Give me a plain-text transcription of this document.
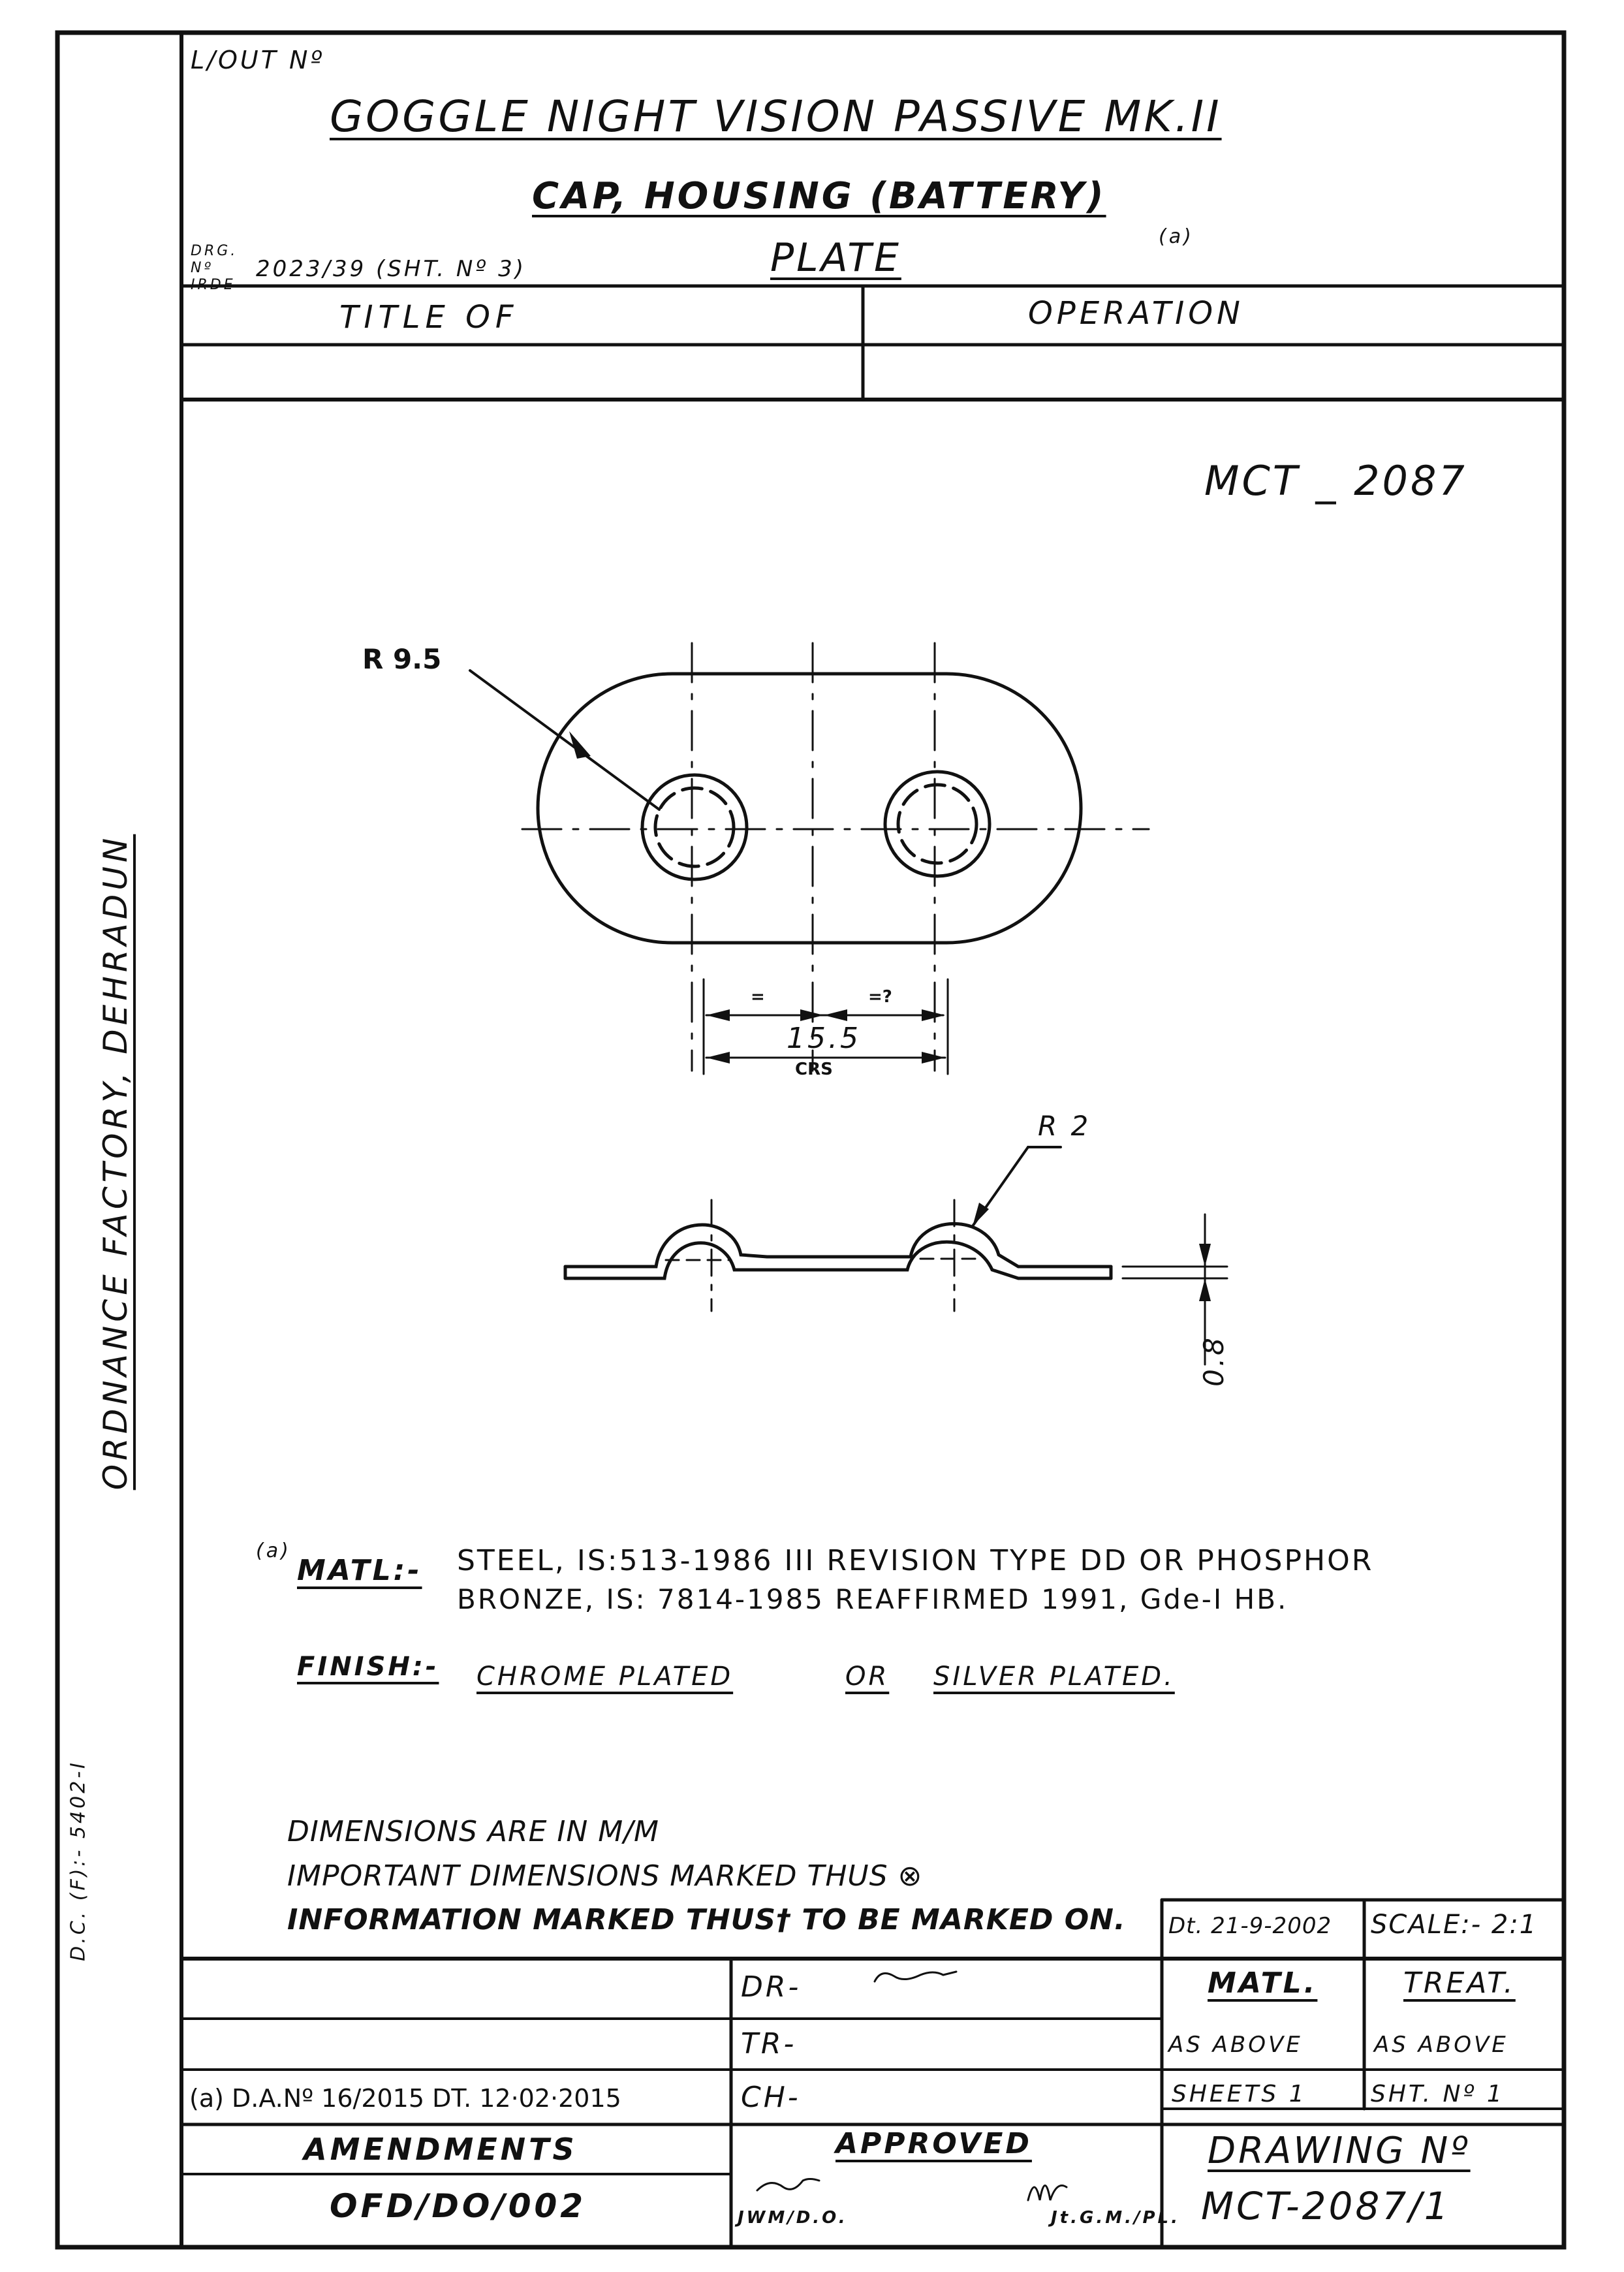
ORDNANCE FACTORY, DEHRADUN
D.C. (F):- 5402-I
L/OUT Nº
GOGGLE NIGHT VISION PASSIVE MK.II
CAP, HOUSING (BATTERY)
(a)
DRG. Nº IRDE-
2023/39 (SHT. Nº 3)	PLATE
TITLE OF	OPERATION
MCT _ 2087
R 9.5
=	=?
15.5
CRS
R 2
0.8
(a)
MATL:- STEEL, IS:513-1986 III REVISION TYPE DD OR PHOSPHOR
BRONZE, IS: 7814-1985 REAFFIRMED 1991, Gde-I HB.
FINISH:- CHROME PLATED	OR SILVER PLATED.
DIMENSIONS ARE IN M/M
IMPORTANT DIMENSIONS MARKED THUS ⊗
INFORMATION MARKED THUS† TO BE MARKED ON. Dt. 21-9-2002 SCALE:- 2:1
DR-
TR-
CH-
MATL.	TREAT.
AS ABOVE	AS ABOVE
SHEETS 1	SHT. Nº 1
(a) D.A.Nº 16/2015 DT. 12·02·2015
AMENDMENTS
OFD/DO/002
APPROVED
JWM/D.O.	Jt.G.M./PL.
DRAWING Nº
MCT-2087/1
